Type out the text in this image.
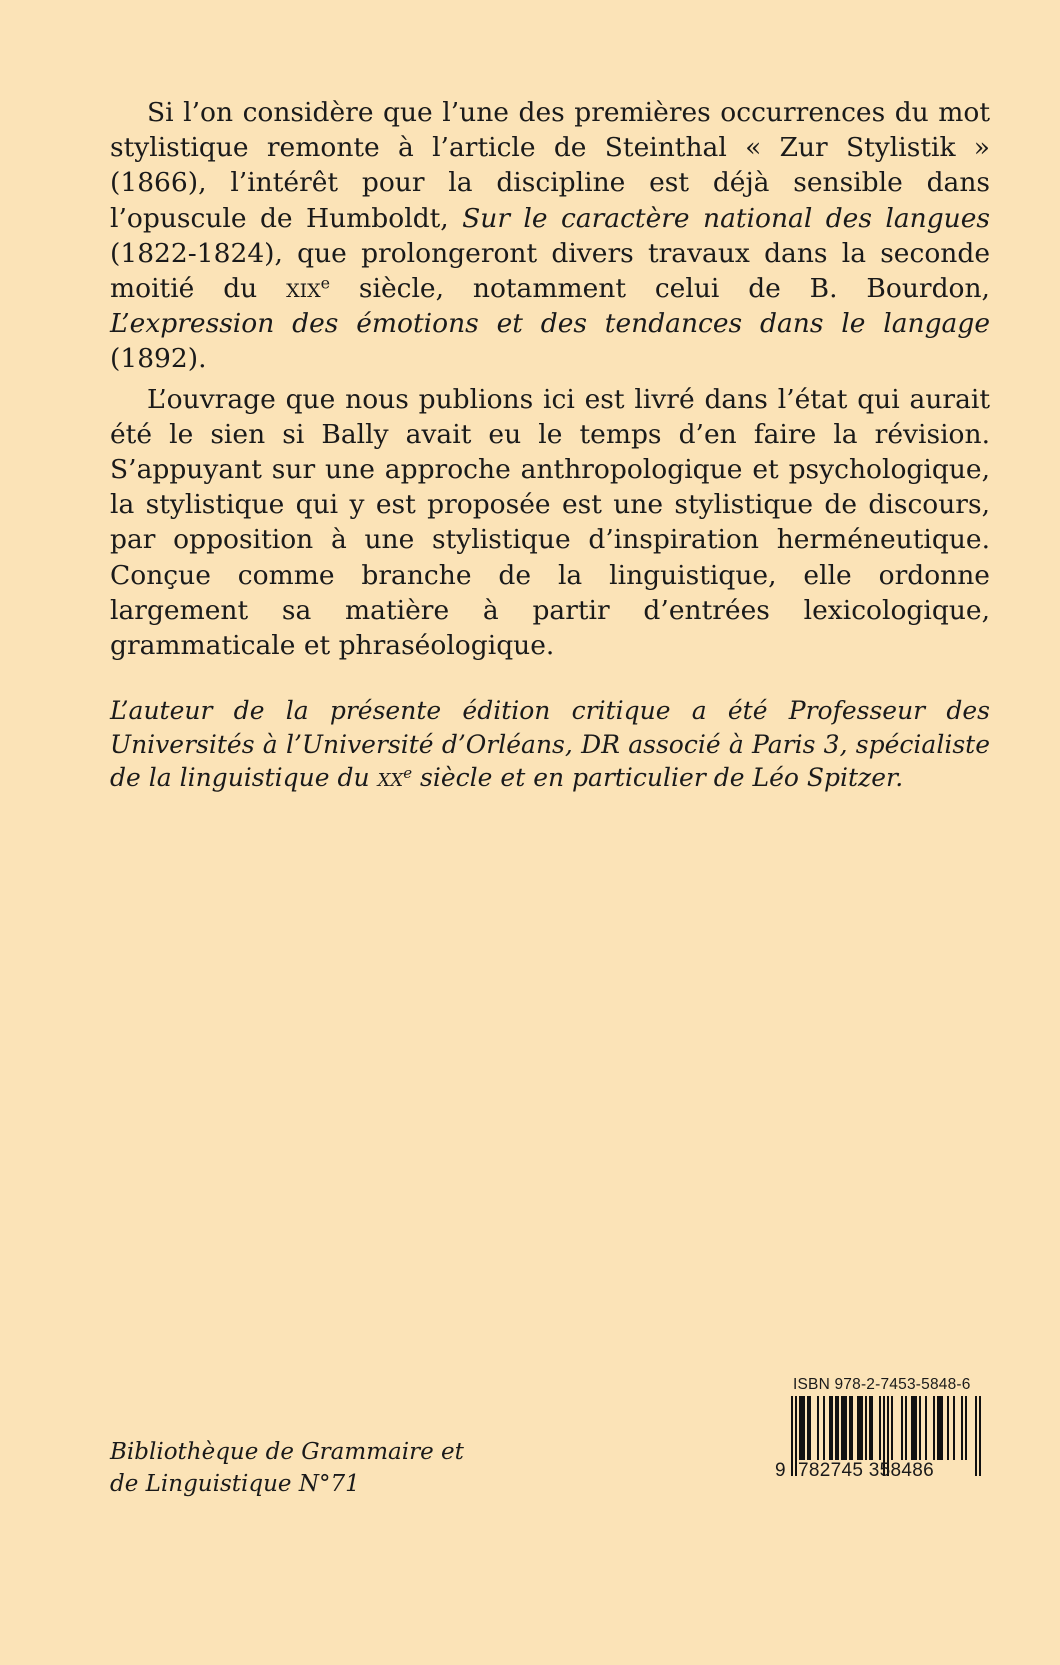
Si l’on considère que l’une des premières occurrences du mot stylistique remonte à l’article de Steinthal « Zur Stylistik » (1866), l’intérêt pour la discipline est déjà sensible dans l’opuscule de Humboldt, Sur le caractère national des langues (1822-1824), que prolongeront divers travaux dans la seconde moitié du xix$^e$ siècle, notamment celui de B. Bourdon, L’expression des émotions et des tendances dans le langage (1892).

L’ouvrage que nous publions ici est livré dans l’état qui aurait été le sien si Bally avait eu le temps d’en faire la révision. S’appuyant sur une approche anthropologique et psychologique, la stylistique qui y est proposée est une stylistique de discours, par opposition à une stylistique d’inspiration herméneutique. Conçue comme branche de la linguistique, elle ordonne largement sa matière à partir d’entrées lexicologique, grammaticale et phraséologique.

L’auteur de la présente édition critique a été Professeur des Universités à l’Université d’Orléans, DR associé à Paris 3, spécialiste de la linguistique du $xx^e$ siècle et en particulier de Léo Spitzer.

Bibliothèque de Grammaire et
de Linguistique N°71

ISBN 978-2-7453-5848-6
9 782745 358486
